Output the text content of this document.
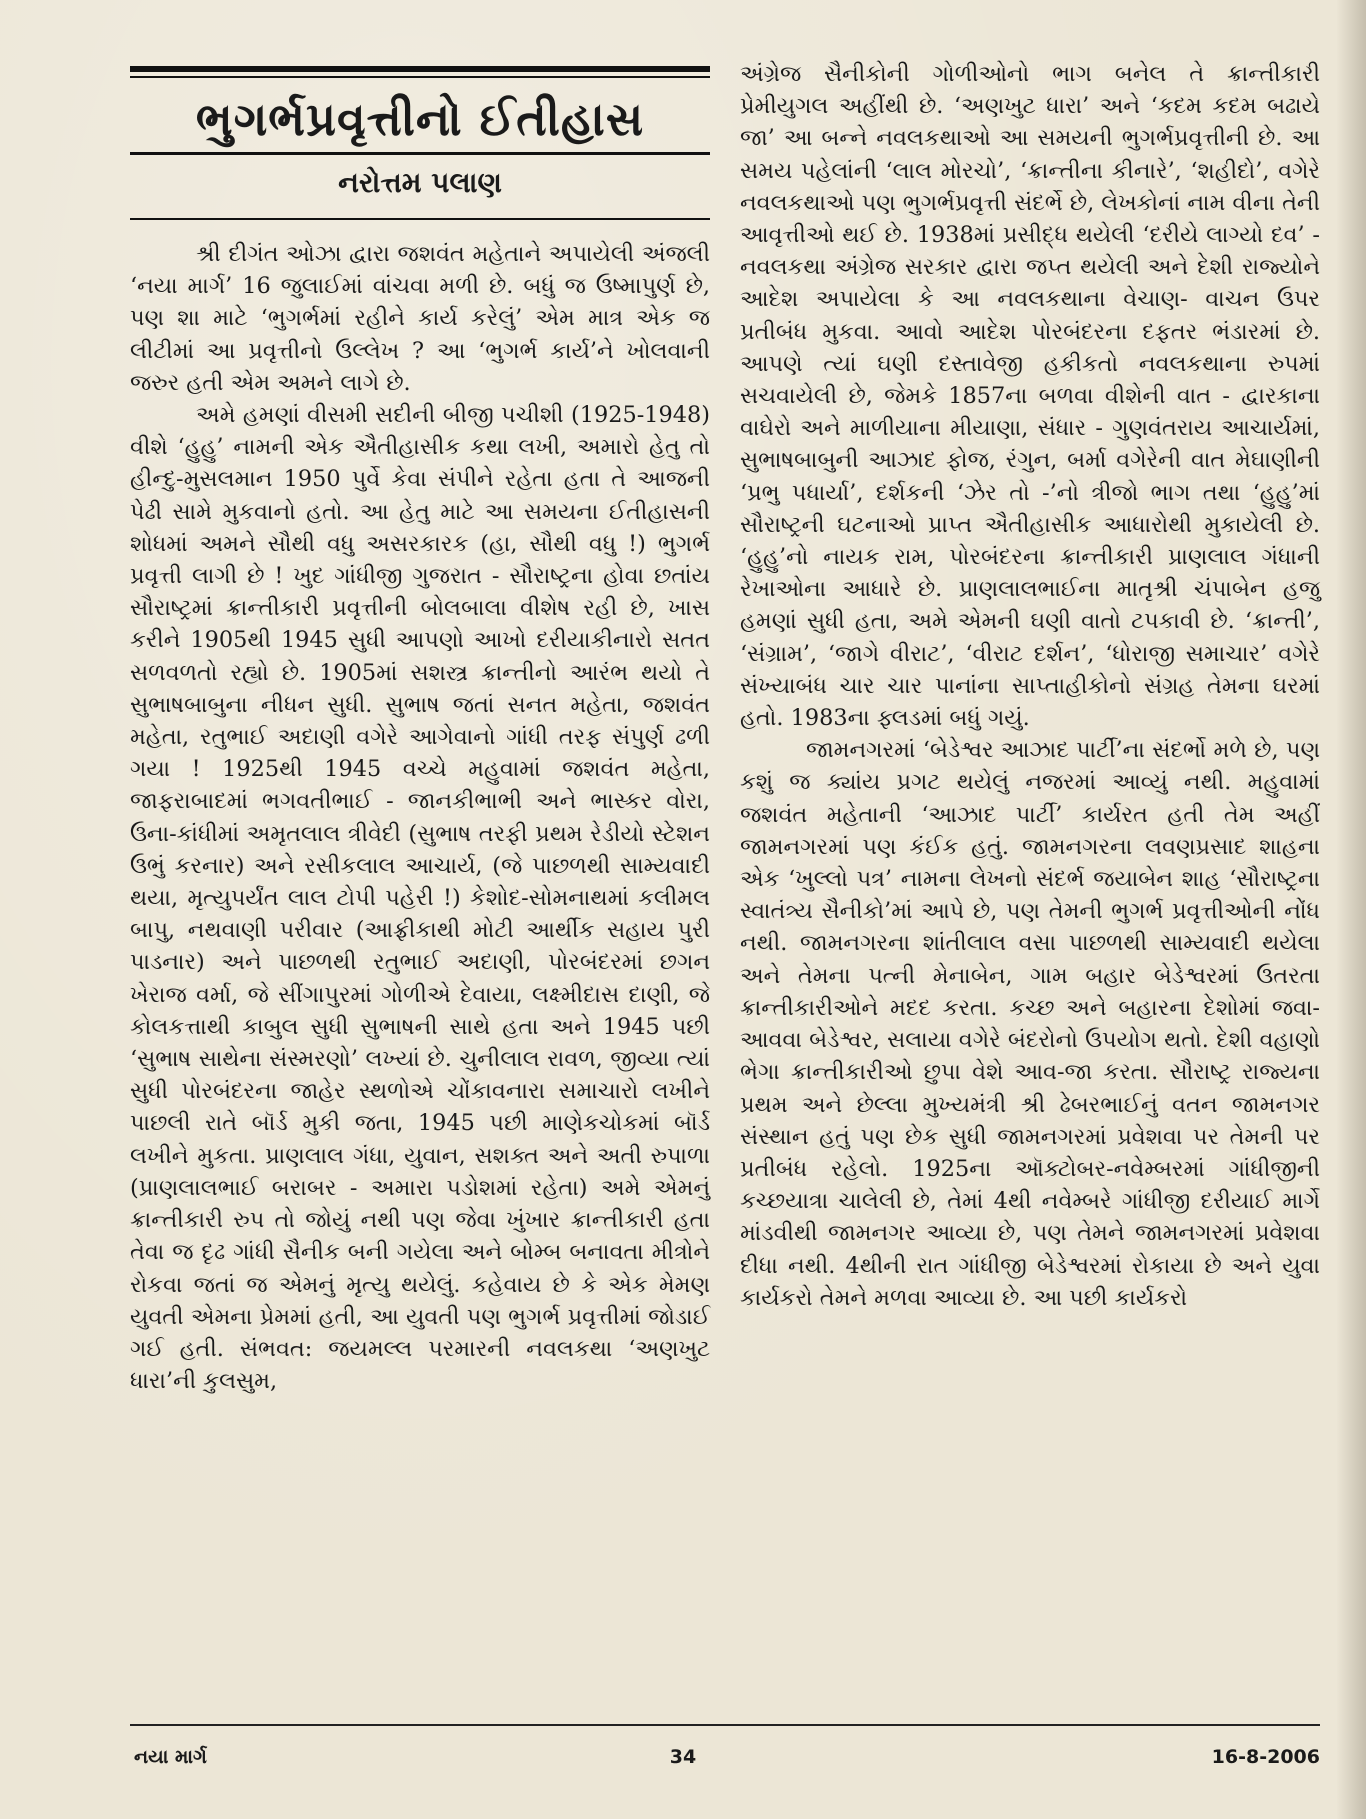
ભુગર્ભપ્રવૃત્તીનો ઈતીહાસ
નરોત્તમ પલાણ

શ્રી દીગંત ઓઝા દ્વારા જશવંત મહેતાને અપાયેલી અંજલી ‘નયા માર્ગ’ 16 જુલાઈમાં વાંચવા મળી છે. બધું જ ઉષ્માપુર્ણ છે, પણ શા માટે ‘ભુગર્ભમાં રહીને કાર્ય કરેલું’ એમ માત્ર એક જ લીટીમાં આ પ્રવૃત્તીનો ઉલ્લેખ ? આ ‘ભુગર્ભ કાર્ય’ને ખોલવાની જરુર હતી એમ અમને લાગે છે.

અમે હમણાં વીસમી સદીની બીજી પચીશી (1925-1948) વીશે ‘હુહુ’ નામની એક ઐતીહાસીક કથા લખી, અમારો હેતુ તો હીન્દુ-મુસલમાન 1950 પુર્વે કેવા સંપીને રહેતા હતા તે આજની પેઢી સામે મુકવાનો હતો. આ હેતુ માટે આ સમયના ઈતીહાસની શોધમાં અમને સૌથી વધુ અસરકારક (હા, સૌથી વધુ !) ભુગર્ભ પ્રવૃત્તી લાગી છે ! ખુદ ગાંધીજી ગુજરાત - સૌરાષ્ટ્રના હોવા છતાંય સૌરાષ્ટ્રમાં ક્રાન્તીકારી પ્રવૃત્તીની બોલબાલા વીશેષ રહી છે, ખાસ કરીને 1905થી 1945 સુધી આપણો આખો દરીયાકીનારો સતત સળવળતો રહ્યો છે. 1905માં સશસ્ત્ર ક્રાન્તીનો આરંભ થયો તે સુભાષબાબુના નીધન સુધી. સુભાષ જતાં સનત મહેતા, જશવંત મહેતા, રતુભાઈ અદાણી વગેરે આગેવાનો ગાંધી તરફ સંપુર્ણ ઢળી ગયા ! 1925થી 1945 વચ્ચે મહુવામાં જશવંત મહેતા, જાફરાબાદમાં ભગવતીભાઈ - જાનકીભાભી અને ભાસ્કર વોરા, ઉના-કાંધીમાં અમૃતલાલ ત્રીવેદી (સુભાષ તરફી પ્રથમ રેડીયો સ્ટેશન ઉભું કરનાર) અને રસીકલાલ આચાર્ય, (જે પાછળથી સામ્યવાદી થયા, મૃત્યુપર્યંત લાલ ટોપી પહેરી !) કેશોદ-સોમનાથમાં કલીમલ બાપુ, નથવાણી પરીવાર (આફ્રીકાથી મોટી આર્થીક સહાય પુરી પાડનાર) અને પાછળથી રતુભાઈ અદાણી, પોરબંદરમાં છગન ખેરાજ વર્મા, જે સીંગાપુરમાં ગોળીએ દેવાયા, લક્ષ્મીદાસ દાણી, જે કોલકત્તાથી કાબુલ સુધી સુભાષની સાથે હતા અને 1945 પછી ‘સુભાષ સાથેના સંસ્મરણો’ લખ્યાં છે. ચુનીલાલ રાવળ, જીવ્યા ત્યાં સુધી પોરબંદરના જાહેર સ્થળોએ ચોંકાવનારા સમાચારો લખીને પાછલી રાતે બૉર્ડ મુકી જતા, 1945 પછી માણેકચોકમાં બૉર્ડ લખીને મુકતા. પ્રાણલાલ ગંધા, યુવાન, સશક્ત અને અતી રુપાળા (પ્રાણલાલભાઈ બરાબર - અમારા પડોશમાં રહેતા) અમે એમનું ક્રાન્તીકારી રુપ તો જોયું નથી પણ જેવા ખુંખાર ક્રાન્તીકારી હતા તેવા જ દૃઢ ગાંધી સૈનીક બની ગયેલા અને બોમ્બ બનાવતા મીત્રોને રોકવા જતાં જ એમનું મૃત્યુ થયેલું. કહેવાય છે કે એક મેમણ યુવતી એમના પ્રેમમાં હતી, આ યુવતી પણ ભુગર્ભ પ્રવૃત્તીમાં જોડાઈ ગઈ હતી. સંભવત: જયમલ્લ પરમારની નવલકથા ‘અણખુટ ધારા’ની કુલસુમ,

અંગ્રેજ સૈનીકોની ગોળીઓનો ભાગ બનેલ તે ક્રાન્તીકારી પ્રેમીયુગલ અહીંથી છે. ‘અણખુટ ધારા’ અને ‘કદમ કદમ બઢાયે જા’ આ બન્ને નવલકથાઓ આ સમયની ભુગર્ભપ્રવૃત્તીની છે. આ સમય પહેલાંની ‘લાલ મોરચો’, ‘ક્રાન્તીના કીનારે’, ‘શહીદો’, વગેરે નવલકથાઓ પણ ભુગર્ભપ્રવૃત્તી સંદર્ભે છે, લેખકોનાં નામ વીના તેની આવૃત્તીઓ થઈ છે. 1938માં પ્રસીદ્ધ થયેલી ‘દરીયે લાગ્યો દવ’ - નવલકથા અંગ્રેજ સરકાર દ્વારા જપ્ત થયેલી અને દેશી રાજ્યોને આદેશ અપાયેલા કે આ નવલકથાના વેચાણ- વાચન ઉપર પ્રતીબંધ મુકવા. આવો આદેશ પોરબંદરના દફતર ભંડારમાં છે. આપણે ત્યાં ઘણી દસ્તાવેજી હકીકતો નવલકથાના રુપમાં સચવાયેલી છે, જેમકે 1857ના બળવા વીશેની વાત - દ્વારકાના વાઘેરો અને માળીયાના મીયાણા, સંધાર - ગુણવંતરાય આચાર્યમાં, સુભાષબાબુની આઝાદ ફોજ, રંગુન, બર્મા વગેરેની વાત મેઘાણીની ‘પ્રભુ પધાર્યા’, દર્શકની ‘ઝેર તો -’નો ત્રીજો ભાગ તથા ‘હુહુ’માં સૌરાષ્ટ્રની ઘટનાઓ પ્રાપ્ત ઐતીહાસીક આધારોથી મુકાયેલી છે. ‘હુહુ’નો નાયક રામ, પોરબંદરના ક્રાન્તીકારી પ્રાણલાલ ગંધાની રેખાઓના આધારે છે. પ્રાણલાલભાઈના માતૃશ્રી ચંપાબેન હજુ હમણાં સુધી હતા, અમે એમની ઘણી વાતો ટપકાવી છે. ‘ક્રાન્તી’, ‘સંગ્રામ’, ‘જાગે વીરાટ’, ‘વીરાટ દર્શન’, ‘ધોરાજી સમાચાર’ વગેરે સંખ્યાબંધ ચાર ચાર પાનાંના સાપ્તાહીકોનો સંગ્રહ તેમના ઘરમાં હતો. 1983ના ફ્લડમાં બધું ગયું.

જામનગરમાં ‘બેડેશ્વર આઝાદ પાર્ટી’ના સંદર્ભો મળે છે, પણ કશું જ ક્યાંય પ્રગટ થયેલું નજરમાં આવ્યું નથી. મહુવામાં જશવંત મહેતાની ‘આઝાદ પાર્ટી’ કાર્યરત હતી તેમ અહીં જામનગરમાં પણ કંઈક હતું. જામનગરના લવણપ્રસાદ શાહના એક ‘ખુલ્લો પત્ર’ નામના લેખનો સંદર્ભ જયાબેન શાહ ‘સૌરાષ્ટ્રના સ્વાતંત્ર્ય સૈનીકો’માં આપે છે, પણ તેમની ભુગર્ભ પ્રવૃત્તીઓની નોંધ નથી. જામનગરના શાંતીલાલ વસા પાછળથી સામ્યવાદી થયેલા અને તેમના પત્ની મેનાબેન, ગામ બહાર બેડેશ્વરમાં ઉતરતા ક્રાન્તીકારીઓને મદદ કરતા. કચ્છ અને બહારના દેશોમાં જવા-આવવા બેડેશ્વર, સલાયા વગેરે બંદરોનો ઉપયોગ થતો. દેશી વહાણો ભેગા ક્રાન્તીકારીઓ છુપા વેશે આવ-જા કરતા. સૌરાષ્ટ્ર રાજ્યના પ્રથમ અને છેલ્લા મુખ્યમંત્રી શ્રી ઢેબરભાઈનું વતન જામનગર સંસ્થાન હતું પણ છેક સુધી જામનગરમાં પ્રવેશવા પર તેમની પર પ્રતીબંધ રહેલો. 1925ના ઑક્ટોબર-નવેમ્બરમાં ગાંધીજીની કચ્છયાત્રા ચાલેલી છે, તેમાં 4થી નવેમ્બરે ગાંધીજી દરીયાઈ માર્ગે માંડવીથી જામનગર આવ્યા છે, પણ તેમને જામનગરમાં પ્રવેશવા દીધા નથી. 4થીની રાત ગાંધીજી બેડેશ્વરમાં રોકાયા છે અને યુવા કાર્યકરો તેમને મળવા આવ્યા છે. આ પછી કાર્યકરો

નયા માર્ગ	34	16-8-2006
